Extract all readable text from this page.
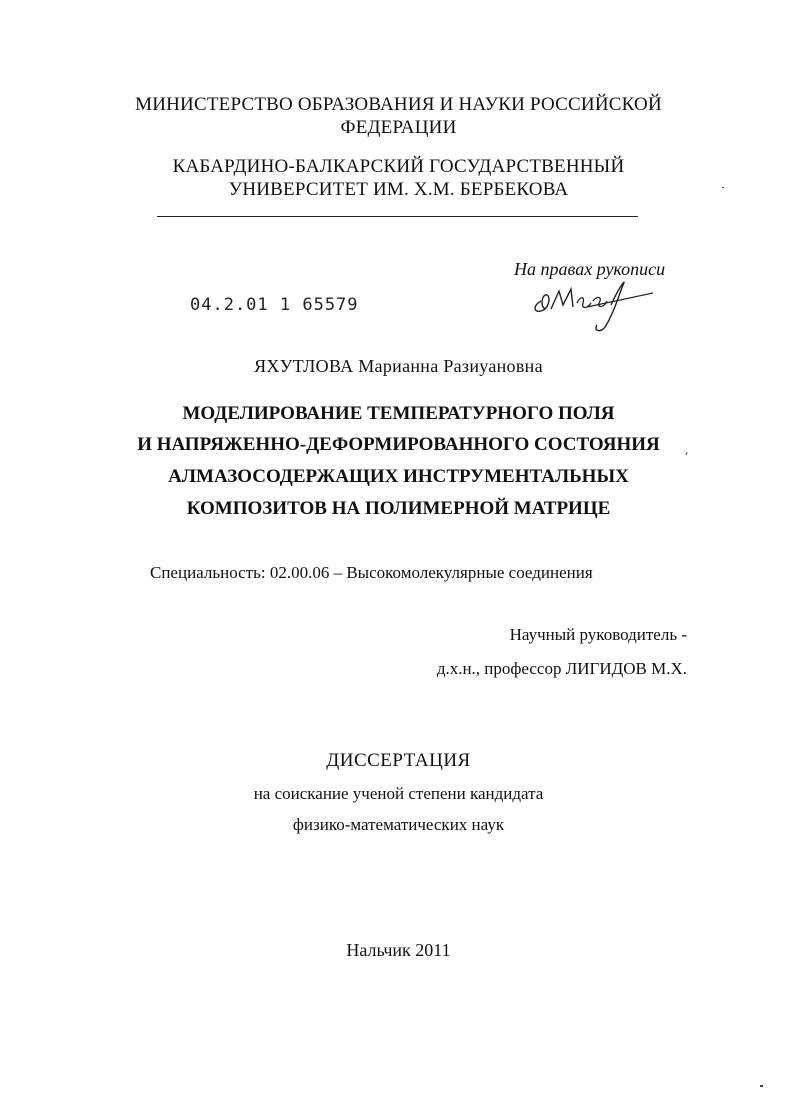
МИНИСТЕРСТВО ОБРАЗОВАНИЯ И НАУКИ РОССИЙСКОЙ
ФЕДЕРАЦИИ
КАБАРДИНО-БАЛКАРСКИЙ ГОСУДАРСТВЕННЫЙ
УНИВЕРСИТЕТ ИМ. Х.М. БЕРБЕКОВА
На правах рукописи
04.2.01 1 65579
ЯХУТЛОВА Марианна Разиуановна
МОДЕЛИРОВАНИЕ ТЕМПЕРАТУРНОГО ПОЛЯ
И НАПРЯЖЕННО-ДЕФОРМИРОВАННОГО СОСТОЯНИЯ
АЛМАЗОСОДЕРЖАЩИХ ИНСТРУМЕНТАЛЬНЫХ
КОМПОЗИТОВ НА ПОЛИМЕРНОЙ МАТРИЦЕ
Специальность: 02.00.06 – Высокомолекулярные соединения
Научный руководитель -
д.х.н., профессор ЛИГИДОВ М.Х.
ДИССЕРТАЦИЯ
на соискание ученой степени кандидата
физико-математических наук
Нальчик 2011
